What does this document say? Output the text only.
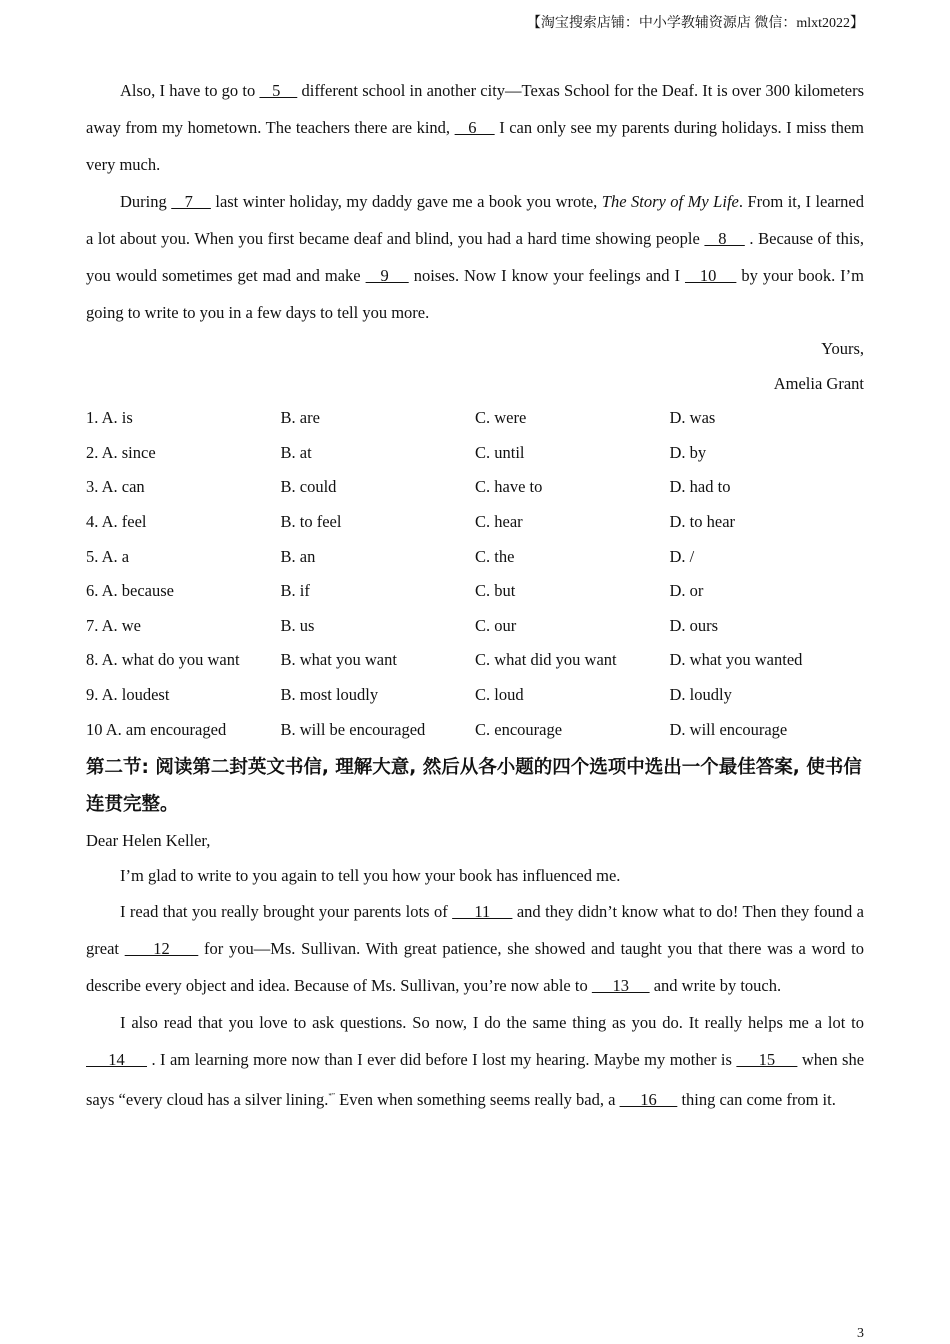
【淘宝搜索店铺：中小学教辅资源店 微信：mlxt2022】

Also, I have to go to    5     different school in another city—Texas School for the Deaf. It is over 300 kilometers away from my hometown. The teachers there are kind,    6     I can only see my parents during holidays. I miss them very much.

During    7     last winter holiday, my daddy gave me a book you wrote, The Story of My Life. From it, I learned a lot about you. When you first became deaf and blind, you had a hard time showing people    8     . Because of this, you would sometimes get mad and make    9     noises. Now I know your feelings and I    10     by your book. I’m going to write to you in a few days to tell you more.

Yours,
Amelia Grant
1. A. is	B. are	C. were	D. was
2. A. since	B. at	C. until	D. by
3. A. can	B. could	C. have to	D. had to
4. A. feel	B. to feel	C. hear	D. to hear
5. A. a	B. an	C. the	D. /
6. A. because	B. if	C. but	D. or
7. A. we	B. us	C. our	D. ours
8. A. what do you want	B. what you want	C. what did you want	D. what you wanted
9. A. loudest	B. most loudly	C. loud	D. loudly
10 A. am encouraged	B. will be encouraged	C. encourage	D. will encourage

第二节: 阅读第二封英文书信, 理解大意, 然后从各小题的四个选项中选出一个最佳答案, 使书信连贯完整。

Dear Helen Keller,

I’m glad to write to you again to tell you how your book has influenced me.

I read that you really brought your parents lots of      11      and they didn’t know what to do! Then they found a great      12      for you—Ms. Sullivan. With great patience, she showed and taught you that there was a word to describe every object and idea. Because of Ms. Sullivan, you’re now able to      13      and write by touch.

I also read that you love to ask questions. So now, I do the same thing as you do. It really helps me a lot to      14      . I am learning more now than I ever did before I lost my hearing. Maybe my mother is      15      when she says “every cloud has a silver lining.*” Even when something seems really bad, a      16      thing can come from it.

3
